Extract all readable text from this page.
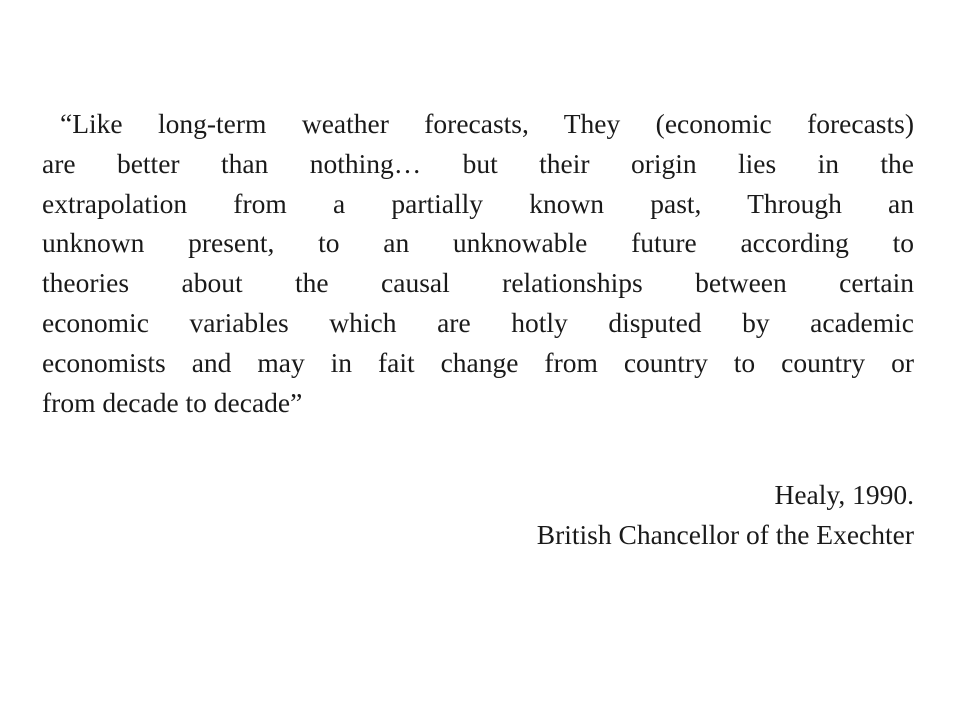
“Like long-term weather forecasts, They (economic forecasts)
are better than nothing… but their origin lies in the
extrapolation from a partially known past, Through an
unknown present, to an unknowable future according to
theories about the causal relationships between certain
economic variables which are hotly disputed by academic
economists and may in fait change from country to country or
from decade to decade”
Healy, 1990.
British Chancellor of the Exechter
